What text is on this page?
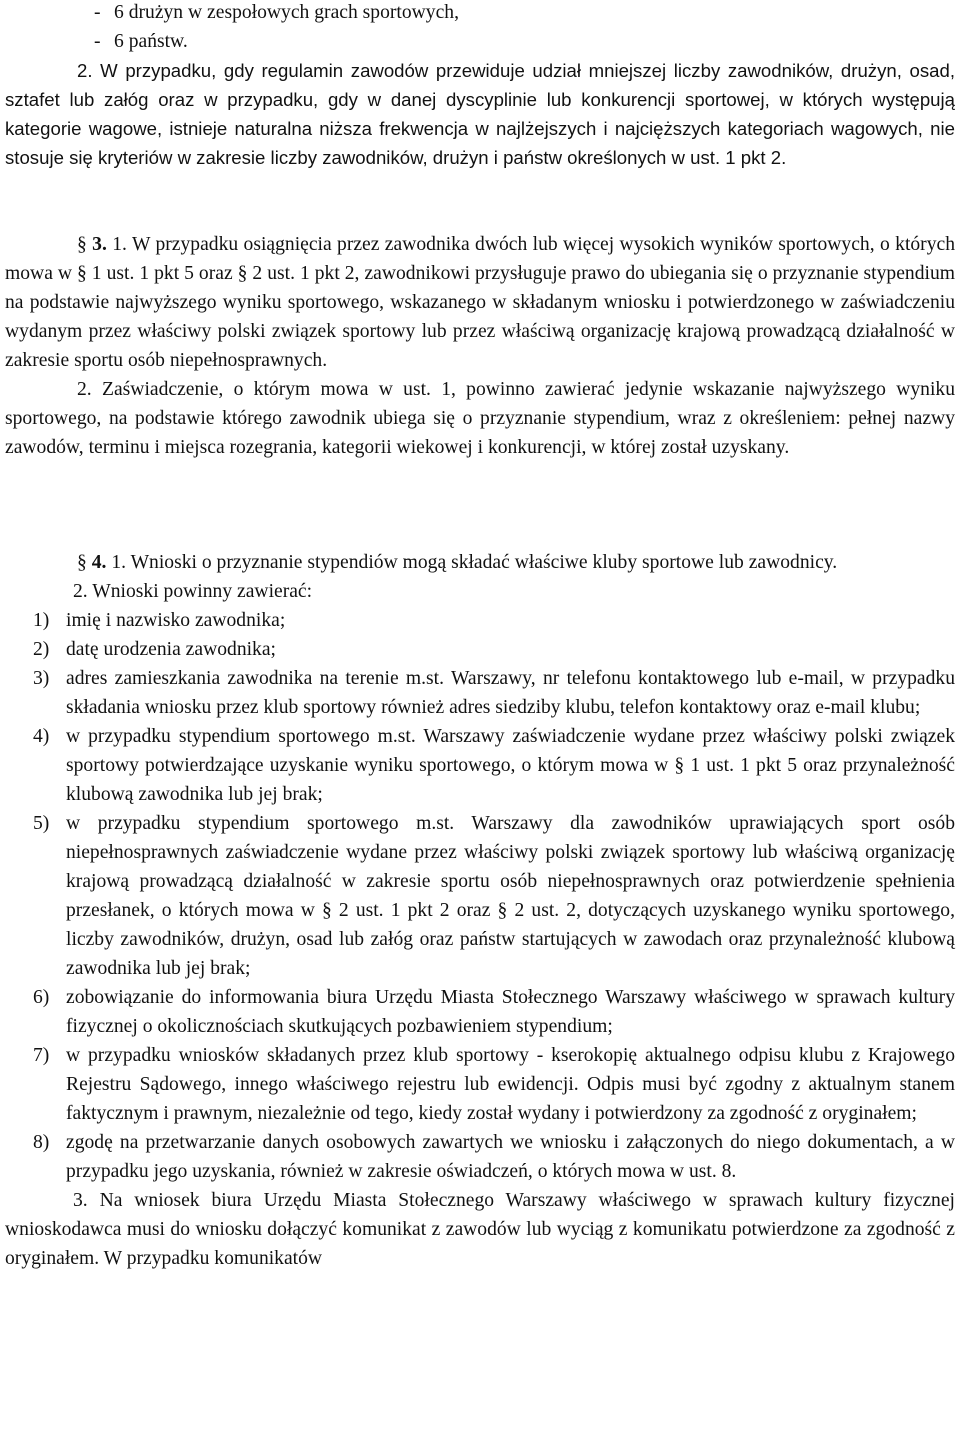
- 6 drużyn w zespołowych grach sportowych,

- 6 państw.

2. W przypadku, gdy regulamin zawodów przewiduje udział mniejszej liczby zawodników, drużyn, osad, sztafet lub załóg oraz w przypadku, gdy w danej dyscyplinie lub konkurencji sportowej, w których występują kategorie wagowe, istnieje naturalna niższa frekwencja w najlżejszych i najcięższych kategoriach wagowych, nie stosuje się kryteriów w zakresie liczby zawodników, drużyn i państw określonych w ust. 1 pkt 2.

§ 3. 1. W przypadku osiągnięcia przez zawodnika dwóch lub więcej wysokich wyników sportowych, o których mowa w § 1 ust. 1 pkt 5 oraz § 2 ust. 1 pkt 2, zawodnikowi przysługuje prawo do ubiegania się o przyznanie stypendium na podstawie najwyższego wyniku sportowego, wskazanego w składanym wniosku i potwierdzonego w zaświadczeniu wydanym przez właściwy polski związek sportowy lub przez właściwą organizację krajową prowadzącą działalność w zakresie sportu osób niepełnosprawnych.

2. Zaświadczenie, o którym mowa w ust. 1, powinno zawierać jedynie wskazanie najwyższego wyniku sportowego, na podstawie którego zawodnik ubiega się o przyznanie stypendium, wraz z określeniem: pełnej nazwy zawodów, terminu i miejsca rozegrania, kategorii wiekowej i konkurencji, w której został uzyskany.

§ 4. 1. Wnioski o przyznanie stypendiów mogą składać właściwe kluby sportowe lub zawodnicy.

2. Wnioski powinny zawierać:

1) imię i nazwisko zawodnika;
2) datę urodzenia zawodnika;
3) adres zamieszkania zawodnika na terenie m.st. Warszawy, nr telefonu kontaktowego lub e-mail, w przypadku składania wniosku przez klub sportowy również adres siedziby klubu, telefon kontaktowy oraz e-mail klubu;
4) w przypadku stypendium sportowego m.st. Warszawy zaświadczenie wydane przez właściwy polski związek sportowy potwierdzające uzyskanie wyniku sportowego, o którym mowa w § 1 ust. 1 pkt 5 oraz przynależność klubową zawodnika lub jej brak;
5) w przypadku stypendium sportowego m.st. Warszawy dla zawodników uprawiających sport osób niepełnosprawnych zaświadczenie wydane przez właściwy polski związek sportowy lub właściwą organizację krajową prowadzącą działalność w zakresie sportu osób niepełnosprawnych oraz potwierdzenie spełnienia przesłanek, o których mowa w § 2 ust. 1 pkt 2 oraz § 2 ust. 2, dotyczących uzyskanego wyniku sportowego, liczby zawodników, drużyn, osad lub załóg oraz państw startujących w zawodach oraz przynależność klubową zawodnika lub jej brak;
6) zobowiązanie do informowania biura Urzędu Miasta Stołecznego Warszawy właściwego w sprawach kultury fizycznej o okolicznościach skutkujących pozbawieniem stypendium;
7) w przypadku wniosków składanych przez klub sportowy - kserokopię aktualnego odpisu klubu z Krajowego Rejestru Sądowego, innego właściwego rejestru lub ewidencji. Odpis musi być zgodny z aktualnym stanem faktycznym i prawnym, niezależnie od tego, kiedy został wydany i potwierdzony za zgodność z oryginałem;
8) zgodę na przetwarzanie danych osobowych zawartych we wniosku i załączonych do niego dokumentach, a w przypadku jego uzyskania, również w zakresie oświadczeń, o których mowa w ust. 8.

3. Na wniosek biura Urzędu Miasta Stołecznego Warszawy właściwego w sprawach kultury fizycznej wnioskodawca musi do wniosku dołączyć komunikat z zawodów lub wyciąg z komunikatu potwierdzone za zgodność z oryginałem. W przypadku komunikatów
